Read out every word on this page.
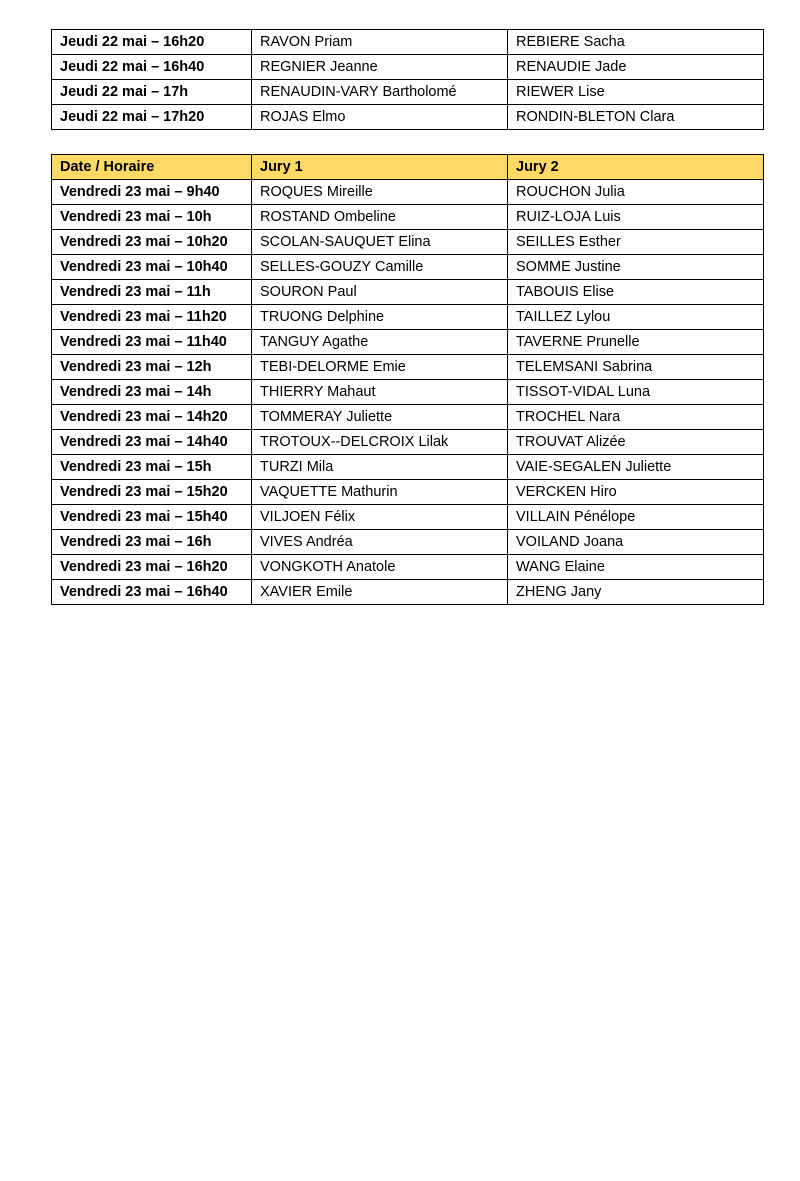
Jeudi 22 mai – 16h20	RAVON Priam	REBIERE Sacha
Jeudi 22 mai – 16h40	REGNIER Jeanne	RENAUDIE Jade
Jeudi 22 mai – 17h	RENAUDIN-VARY Bartholomé	RIEWER Lise
Jeudi 22 mai – 17h20	ROJAS Elmo	RONDIN-BLETON Clara
Date / Horaire	Jury 1	Jury 2
Vendredi 23 mai – 9h40	ROQUES Mireille	ROUCHON Julia
Vendredi 23 mai – 10h	ROSTAND Ombeline	RUIZ-LOJA Luis
Vendredi 23 mai – 10h20	SCOLAN-SAUQUET Elina	SEILLES Esther
Vendredi 23 mai – 10h40	SELLES-GOUZY Camille	SOMME Justine
Vendredi 23 mai – 11h	SOURON Paul	TABOUIS Elise
Vendredi 23 mai – 11h20	TRUONG Delphine	TAILLEZ Lylou
Vendredi 23 mai – 11h40	TANGUY Agathe	TAVERNE Prunelle
Vendredi 23 mai – 12h	TEBI-DELORME Emie	TELEMSANI Sabrina
Vendredi 23 mai – 14h	THIERRY Mahaut	TISSOT-VIDAL Luna
Vendredi 23 mai – 14h20	TOMMERAY Juliette	TROCHEL Nara
Vendredi 23 mai – 14h40	TROTOUX--DELCROIX Lilak	TROUVAT Alizée
Vendredi 23 mai – 15h	TURZI Mila	VAIE-SEGALEN Juliette
Vendredi 23 mai – 15h20	VAQUETTE Mathurin	VERCKEN Hiro
Vendredi 23 mai – 15h40	VILJOEN Félix	VILLAIN Pénélope
Vendredi 23 mai – 16h	VIVES Andréa	VOILAND Joana
Vendredi 23 mai – 16h20	VONGKOTH Anatole	WANG Elaine
Vendredi 23 mai – 16h40	XAVIER Emile	ZHENG Jany
